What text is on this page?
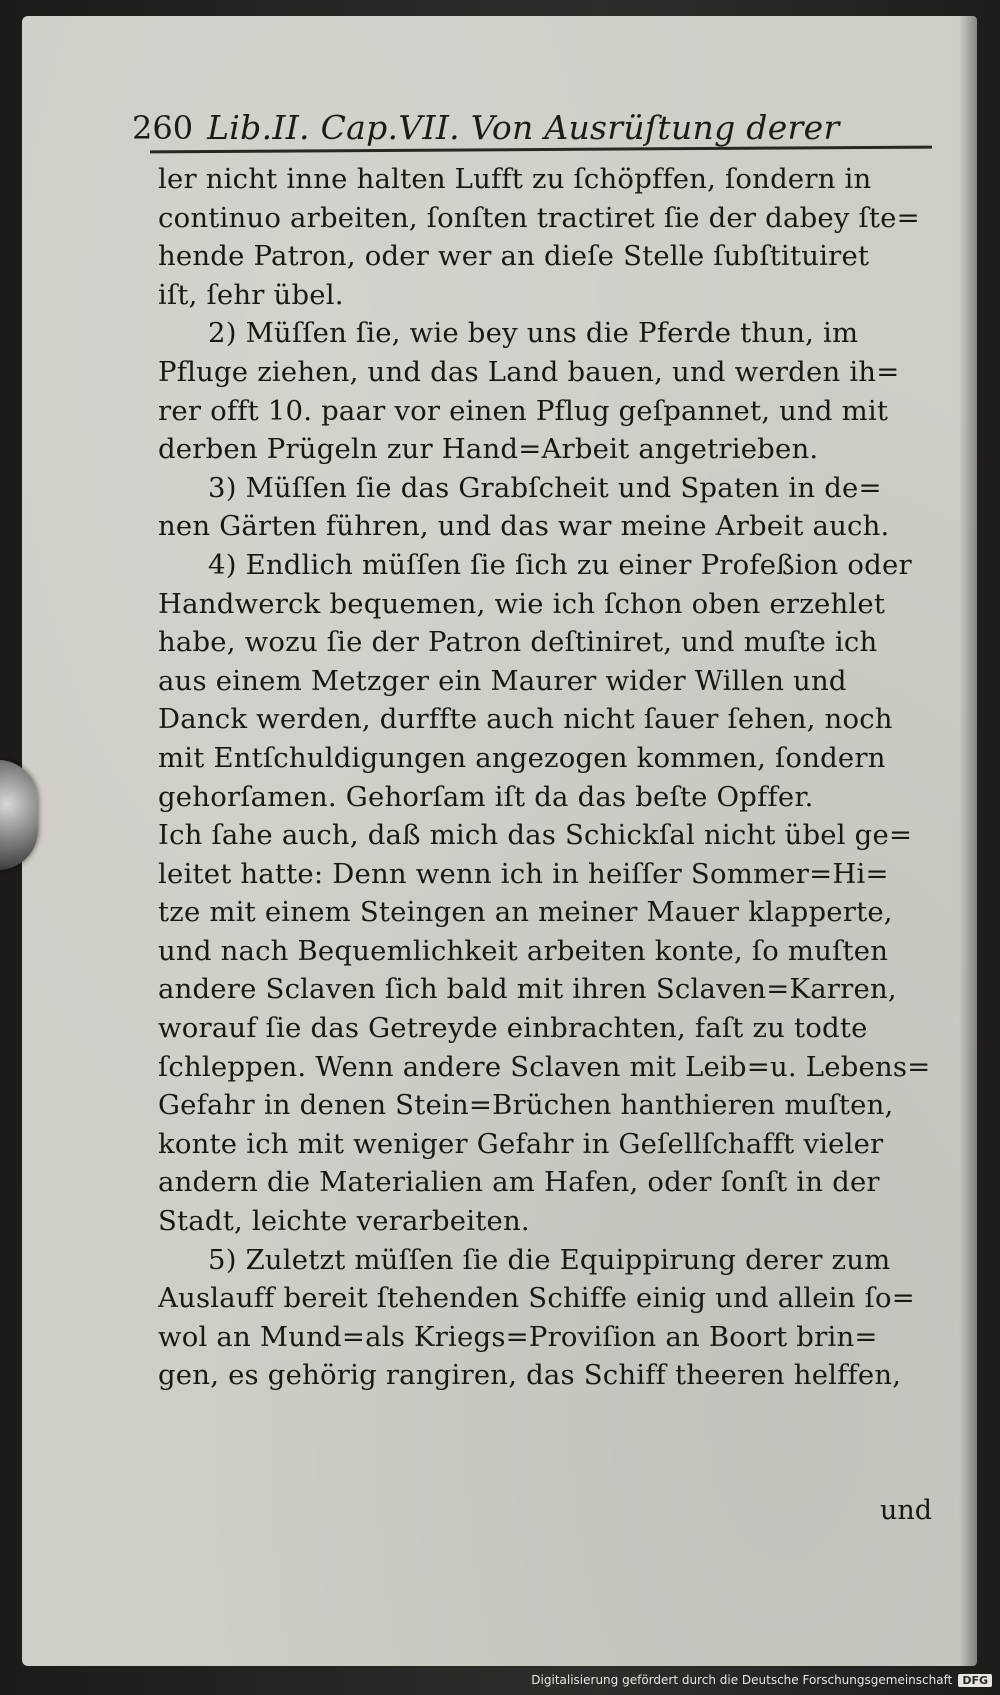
260 Lib.II. Cap.VII. Von Ausrüſtung derer
ler nicht inne halten Lufft zu ſchöpffen, ſondern in
continuo arbeiten, ſonſten tractiret ſie der dabey ſte=
hende Patron, oder wer an dieſe Stelle ſubſtituiret
iſt, ſehr übel.
2) Müſſen ſie, wie bey uns die Pferde thun, im
Pfluge ziehen, und das Land bauen, und werden ih=
rer offt 10. paar vor einen Pflug geſpannet, und mit
derben Prügeln zur Hand=Arbeit angetrieben.
3) Müſſen ſie das Grabſcheit und Spaten in de=
nen Gärten führen, und das war meine Arbeit auch.
4) Endlich müſſen ſie ſich zu einer Profeßion oder
Handwerck bequemen, wie ich ſchon oben erzehlet
habe, wozu ſie der Patron deſtiniret, und muſte ich
aus einem Metzger ein Maurer wider Willen und
Danck werden, durffte auch nicht ſauer ſehen, noch
mit Entſchuldigungen angezogen kommen, ſondern
gehorſamen. Gehorſam iſt da das beſte Opffer.
Ich ſahe auch, daß mich das Schickſal nicht übel ge=
leitet hatte: Denn wenn ich in heiſſer Sommer=Hi=
tze mit einem Steingen an meiner Mauer klapperte,
und nach Bequemlichkeit arbeiten konte, ſo muſten
andere Sclaven ſich bald mit ihren Sclaven=Karren,
worauf ſie das Getreyde einbrachten, faſt zu todte
ſchleppen. Wenn andere Sclaven mit Leib=u. Lebens=
Gefahr in denen Stein=Brüchen hanthieren muſten,
konte ich mit weniger Gefahr in Geſellſchafft vieler
andern die Materialien am Hafen, oder ſonſt in der
Stadt, leichte verarbeiten.
5) Zuletzt müſſen ſie die Equippirung derer zum
Auslauff bereit ſtehenden Schiffe einig und allein ſo=
wol an Mund=als Kriegs=Proviſion an Boort brin=
gen, es gehörig rangiren, das Schiff theeren helffen,
und
Digitalisierung gefördert durch die Deutsche Forschungsgemeinschaft DFG
